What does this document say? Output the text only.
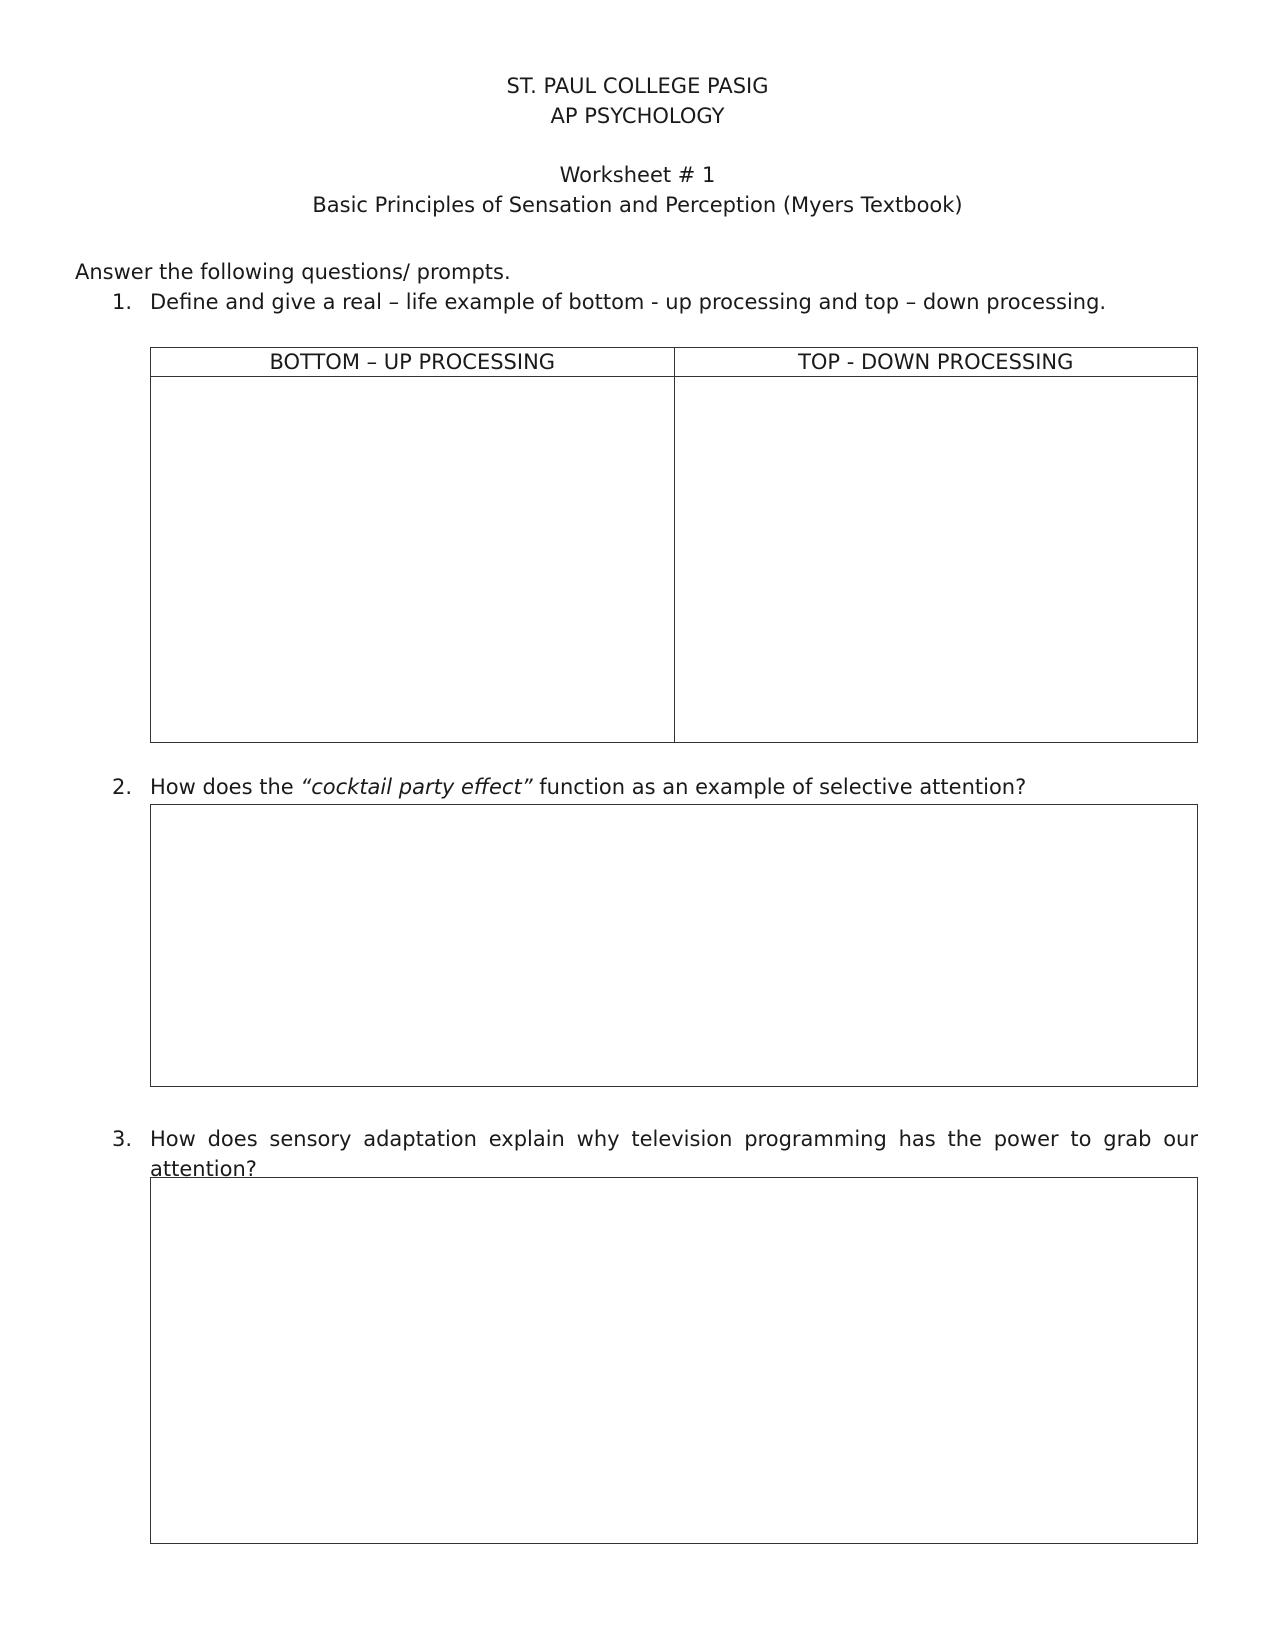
ST. PAUL COLLEGE PASIG
AP PSYCHOLOGY
Worksheet # 1
Basic Principles of Sensation and Perception (Myers Textbook)
Answer the following questions/ prompts.
1. Define and give a real – life example of bottom - up processing and top – down processing.
BOTTOM – UP PROCESSING	TOP - DOWN PROCESSING

2. How does the “cocktail party effect” function as an example of selective attention?
3. How does sensory adaptation explain why television programming has the power to grab our attention?
